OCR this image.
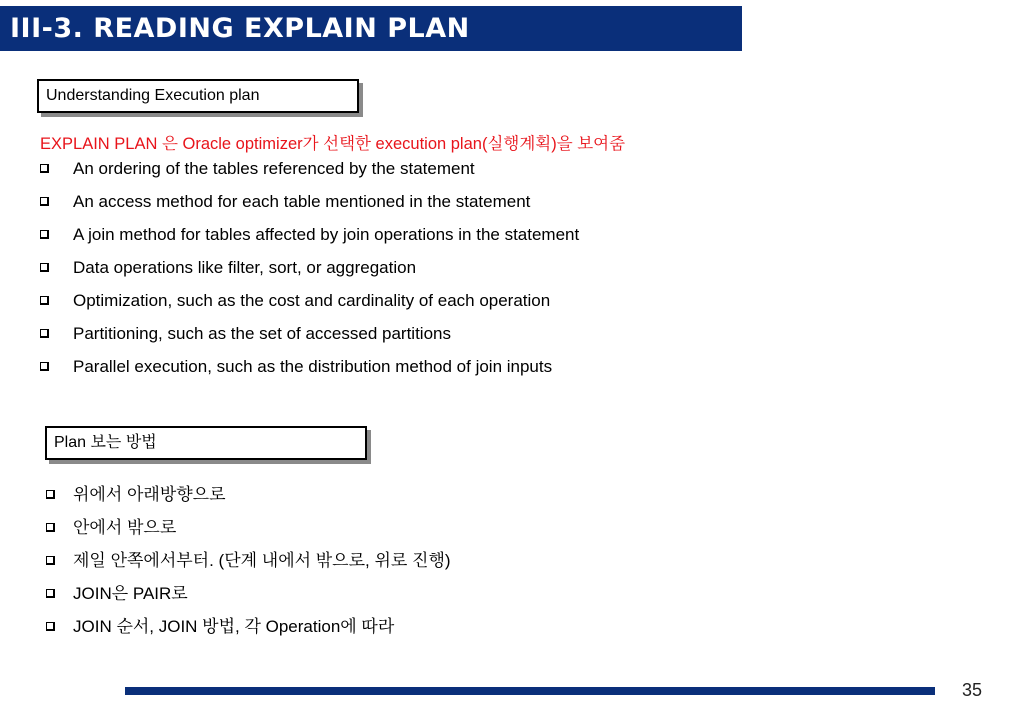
III-3. READING EXPLAIN PLAN
Understanding Execution plan
EXPLAIN PLAN 은 Oracle optimizer가 선택한 execution plan(실행계획)을 보여줌
An ordering of the tables referenced by the statement
An access method for each table mentioned in the statement
A join method for tables affected by join operations in the statement
Data operations like filter, sort, or aggregation
Optimization, such as the cost and cardinality of each operation
Partitioning, such as the set of accessed partitions
Parallel execution, such as the distribution method of join inputs
Plan 보는 방법
위에서 아래방향으로
안에서 밖으로
제일 안쪽에서부터. (단계 내에서 밖으로, 위로 진행)
JOIN은 PAIR로
JOIN 순서, JOIN 방법, 각 Operation에 따라
35
